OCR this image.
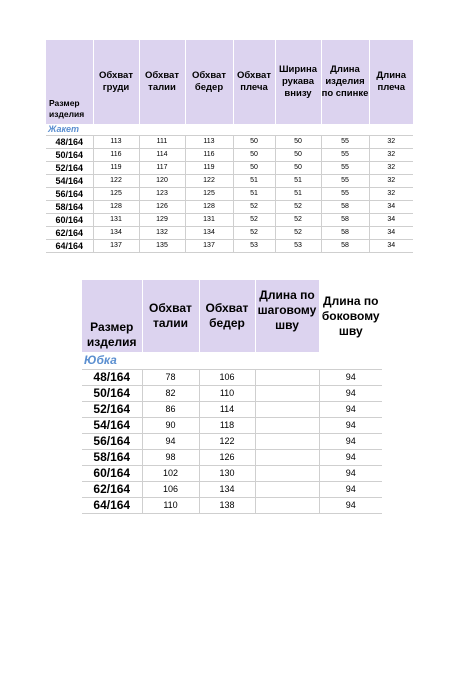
Размер изделия	Обхват груди	Обхват талии	Обхват бедер	Обхват плеча	Ширина рукава внизу	Длина изделия по спинке	Длина плеча
Жакет							
48/164	113	111	113	50	50	55	32
50/164	116	114	116	50	50	55	32
52/164	119	117	119	50	50	55	32
54/164	122	120	122	51	51	55	32
56/164	125	123	125	51	51	55	32
58/164	128	126	128	52	52	58	34
60/164	131	129	131	52	52	58	34
62/164	134	132	134	52	52	58	34
64/164	137	135	137	53	53	58	34
Размер изделия	Обхват талии	Обхват бедер	Длина по шаговому шву	Длина по боковому шву
Юбка				
48/164	78	106		94
50/164	82	110		94
52/164	86	114		94
54/164	90	118		94
56/164	94	122		94
58/164	98	126		94
60/164	102	130		94
62/164	106	134		94
64/164	110	138		94
